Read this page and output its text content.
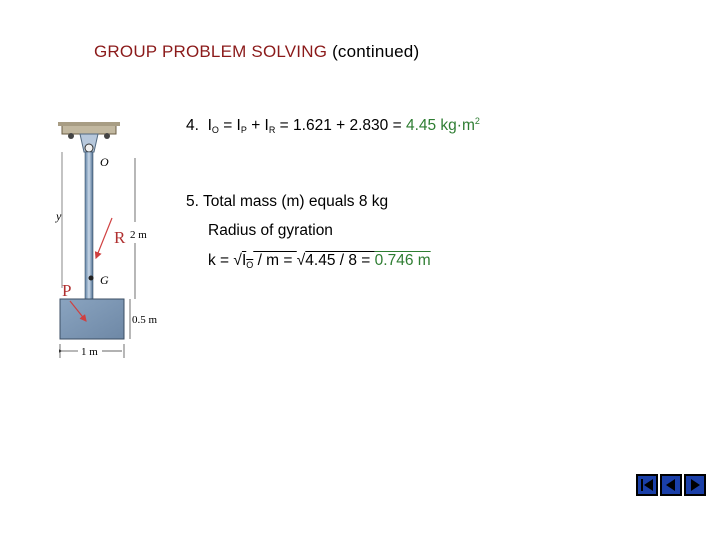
GROUP PROBLEM SOLVING (continued)
4. $I_O = I_P + I_R = 1.621 + 2.830 = 4.45$ $kg\cdot m^2$
5. Total mass (m) equals 8 kg
Radius of gyration
$k = √I_O / m = √4.45 / 8 = 0.746$ m
O
y
R 2 m
G
P
0.5 m
1 m
